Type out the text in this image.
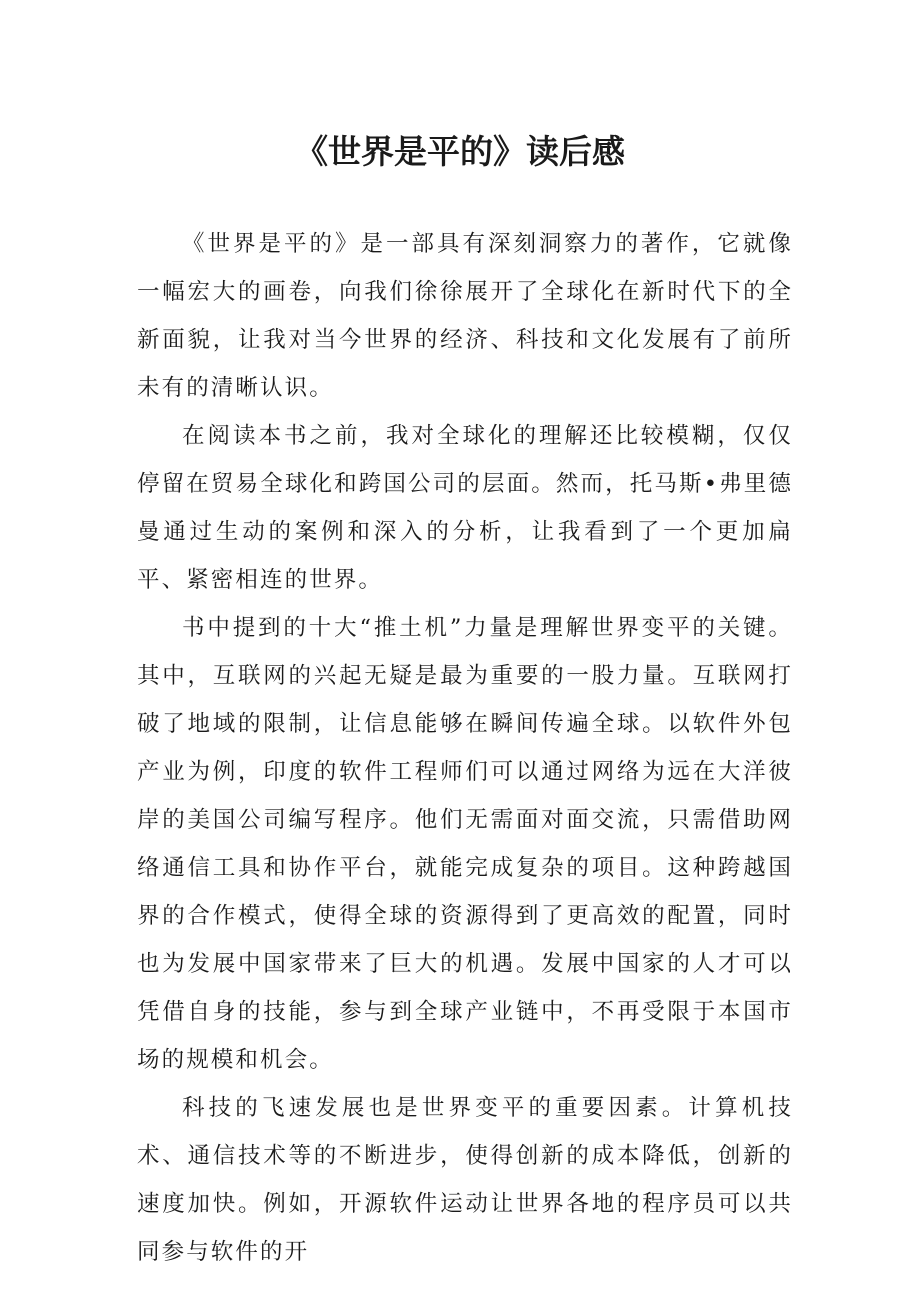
《世界是平的》读后感

《世界是平的》是一部具有深刻洞察力的著作，它就像一幅宏大的画卷，向我们徐徐展开了全球化在新时代下的全新面貌，让我对当今世界的经济、科技和文化发展有了前所未有的清晰认识。

在阅读本书之前，我对全球化的理解还比较模糊，仅仅停留在贸易全球化和跨国公司的层面。然而，托马斯•弗里德曼通过生动的案例和深入的分析，让我看到了一个更加扁平、紧密相连的世界。

书中提到的十大“推土机”力量是理解世界变平的关键。其中，互联网的兴起无疑是最为重要的一股力量。互联网打破了地域的限制，让信息能够在瞬间传遍全球。以软件外包产业为例，印度的软件工程师们可以通过网络为远在大洋彼岸的美国公司编写程序。他们无需面对面交流，只需借助网络通信工具和协作平台，就能完成复杂的项目。这种跨越国界的合作模式，使得全球的资源得到了更高效的配置，同时也为发展中国家带来了巨大的机遇。发展中国家的人才可以凭借自身的技能，参与到全球产业链中，不再受限于本国市场的规模和机会。

科技的飞速发展也是世界变平的重要因素。计算机技术、通信技术等的不断进步，使得创新的成本降低，创新的速度加快。例如，开源软件运动让世界各地的程序员可以共同参与软件的开
